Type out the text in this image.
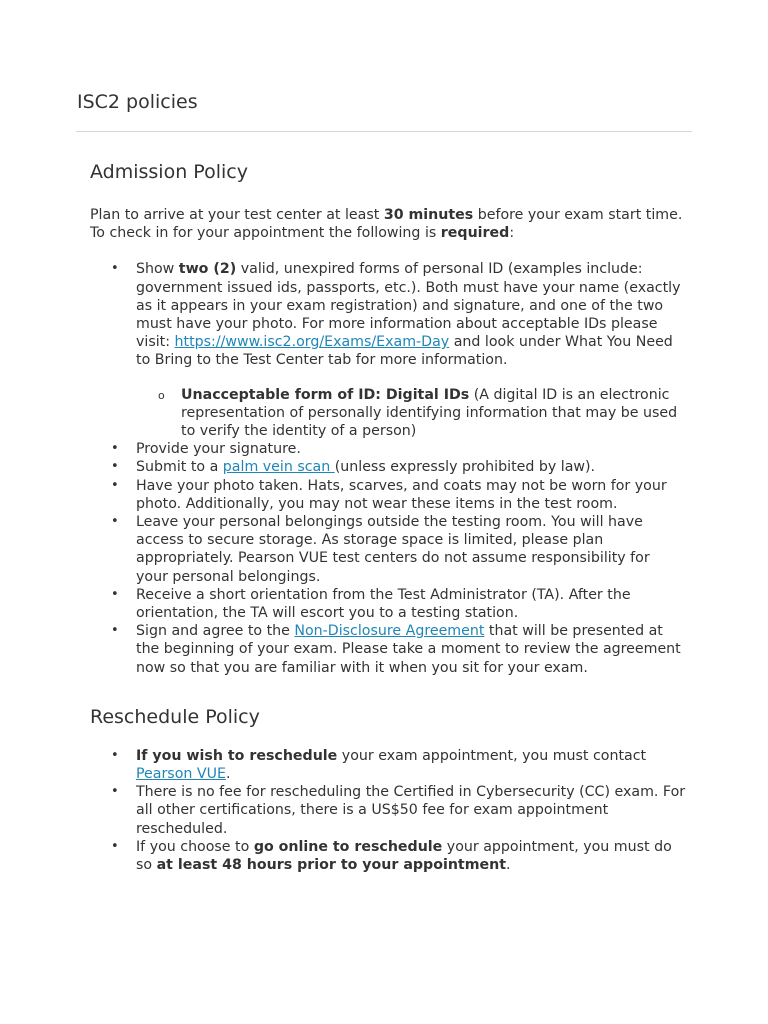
ISC2 policies
Admission Policy

Plan to arrive at your test center at least 30 minutes before your exam start time. To check in for your appointment the following is required:

• Show two (2) valid, unexpired forms of personal ID (examples include: government issued ids, passports, etc.). Both must have your name (exactly as it appears in your exam registration) and signature, and one of the two must have your photo. For more information about acceptable IDs please visit: https://www.isc2.org/Exams/Exam-Day and look under What You Need to Bring to the Test Center tab for more information.
o Unacceptable form of ID: Digital IDs (A digital ID is an electronic representation of personally identifying information that may be used to verify the identity of a person)
• Provide your signature.
• Submit to a palm vein scan (unless expressly prohibited by law).
• Have your photo taken. Hats, scarves, and coats may not be worn for your photo. Additionally, you may not wear these items in the test room.
• Leave your personal belongings outside the testing room. You will have access to secure storage. As storage space is limited, please plan appropriately. Pearson VUE test centers do not assume responsibility for your personal belongings.
• Receive a short orientation from the Test Administrator (TA). After the orientation, the TA will escort you to a testing station.
• Sign and agree to the Non-Disclosure Agreement that will be presented at the beginning of your exam. Please take a moment to review the agreement now so that you are familiar with it when you sit for your exam.
Reschedule Policy
• If you wish to reschedule your exam appointment, you must contact Pearson VUE.
• There is no fee for rescheduling the Certified in Cybersecurity (CC) exam. For all other certifications, there is a US$50 fee for exam appointment rescheduled.
• If you choose to go online to reschedule your appointment, you must do so at least 48 hours prior to your appointment.
